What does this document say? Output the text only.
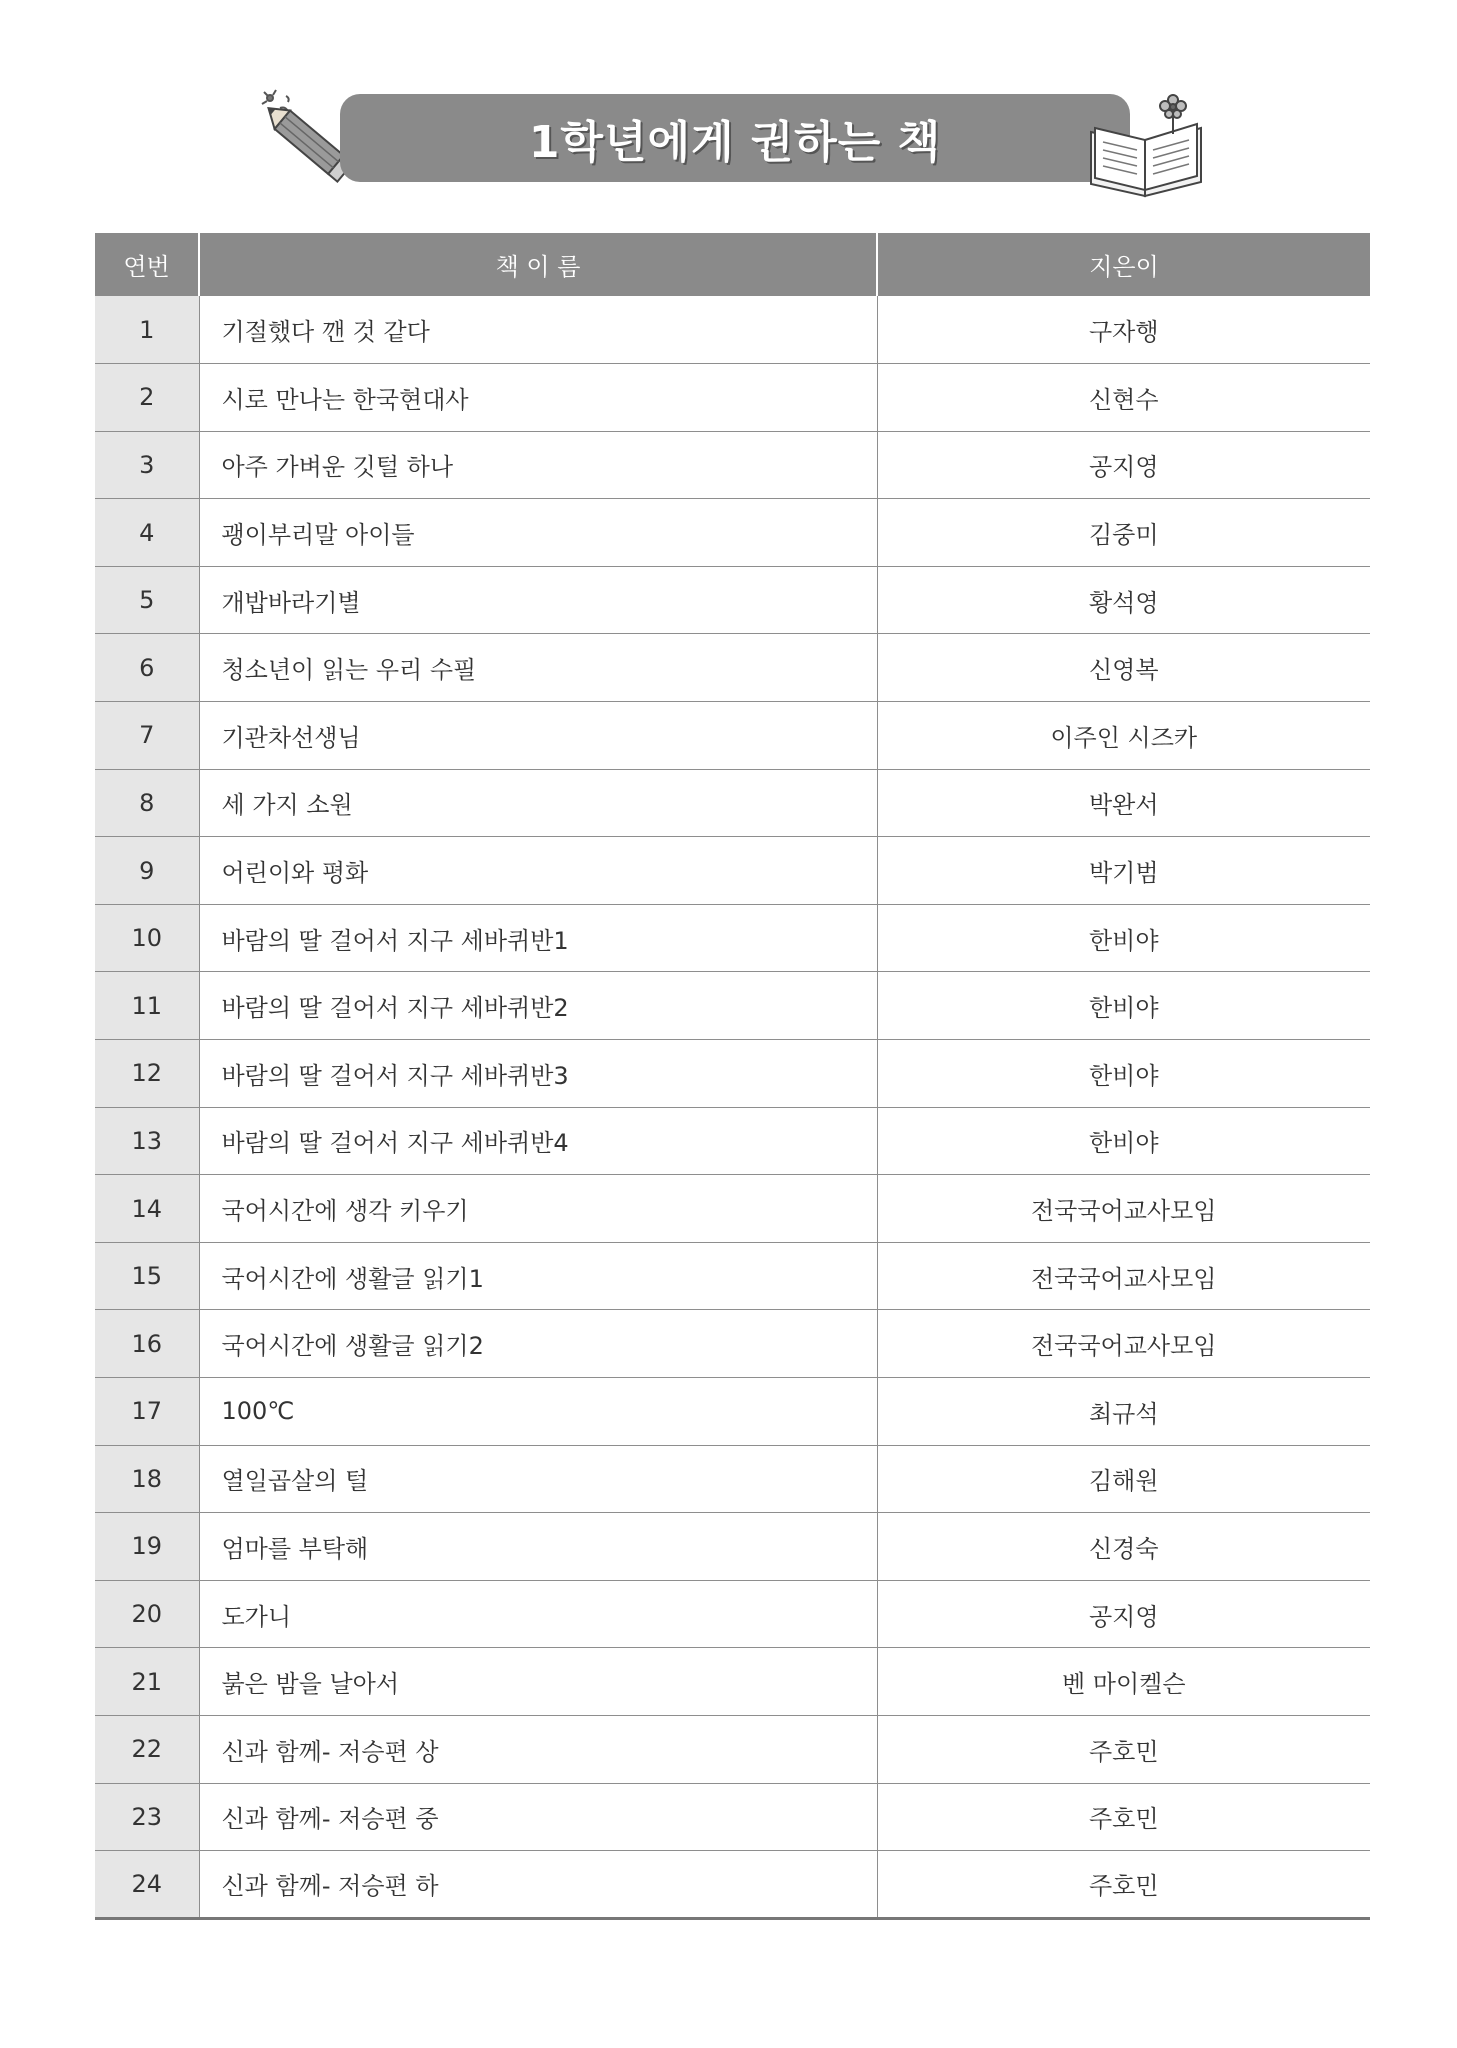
1학년에게 권하는 책
연번	책 이 름	지은이
1	기절했다 깬 것 같다	구자행
2	시로 만나는 한국현대사	신현수
3	아주 가벼운 깃털 하나	공지영
4	괭이부리말 아이들	김중미
5	개밥바라기별	황석영
6	청소년이 읽는 우리 수필	신영복
7	기관차선생님	이주인 시즈카
8	세 가지 소원	박완서
9	어린이와 평화	박기범
10	바람의 딸 걸어서 지구 세바퀴반1	한비야
11	바람의 딸 걸어서 지구 세바퀴반2	한비야
12	바람의 딸 걸어서 지구 세바퀴반3	한비야
13	바람의 딸 걸어서 지구 세바퀴반4	한비야
14	국어시간에 생각 키우기	전국국어교사모임
15	국어시간에 생활글 읽기1	전국국어교사모임
16	국어시간에 생활글 읽기2	전국국어교사모임
17	100℃	최규석
18	열일곱살의 털	김해원
19	엄마를 부탁해	신경숙
20	도가니	공지영
21	붉은 밤을 날아서	벤 마이켈슨
22	신과 함께- 저승편 상	주호민
23	신과 함께- 저승편 중	주호민
24	신과 함께- 저승편 하	주호민
